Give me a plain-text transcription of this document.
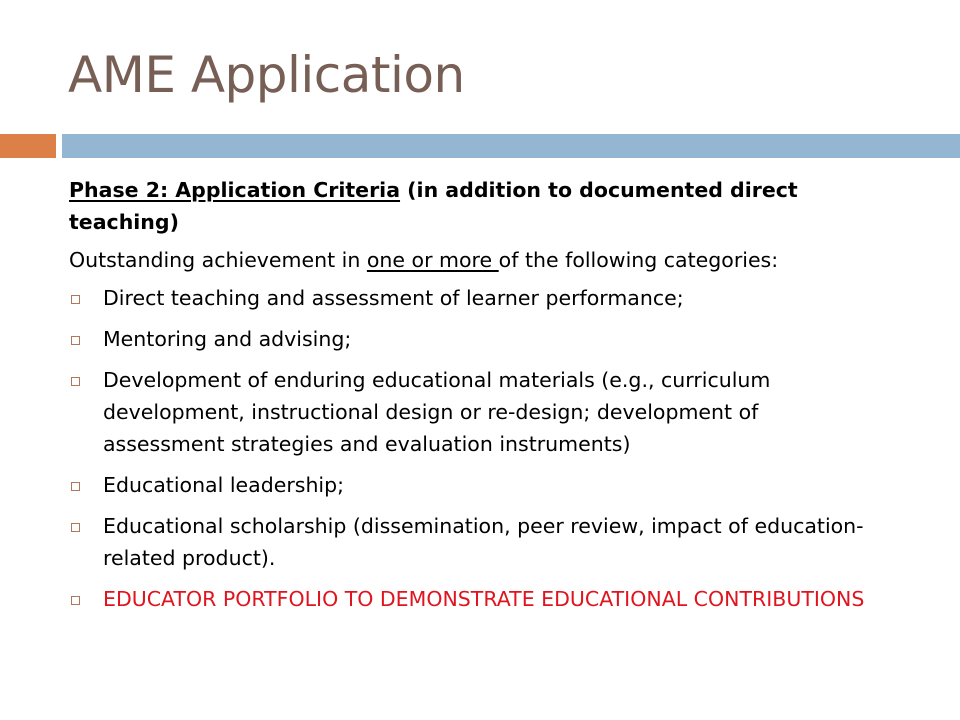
AME Application

Phase 2: Application Criteria (in addition to documented direct teaching)

Outstanding achievement in one or more of the following categories:

Direct teaching and assessment of learner performance;
Mentoring and advising;
Development of enduring educational materials (e.g., curriculum development, instructional design or re-design; development of assessment strategies and evaluation instruments)
Educational leadership;
Educational scholarship (dissemination, peer review, impact of education-related product).
EDUCATOR PORTFOLIO TO DEMONSTRATE EDUCATIONAL CONTRIBUTIONS
